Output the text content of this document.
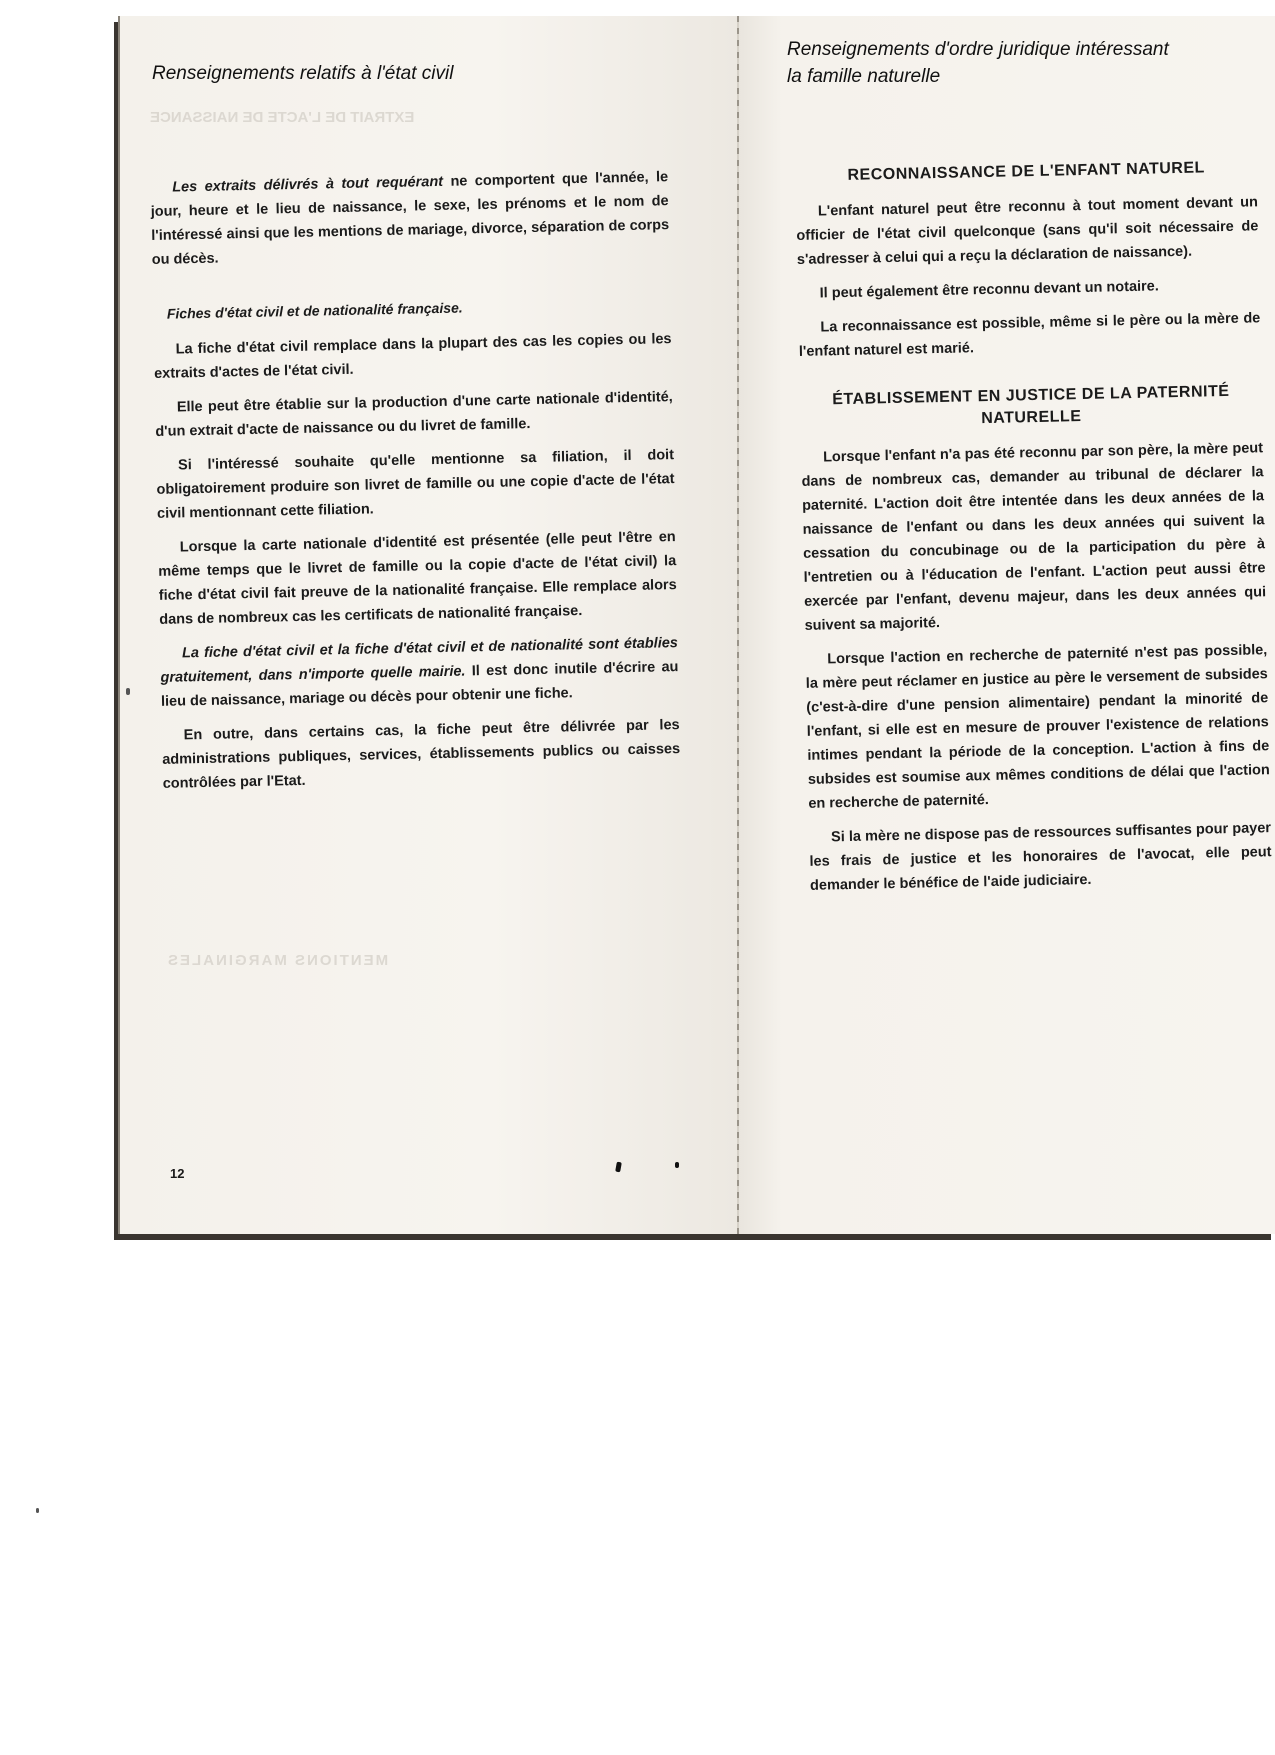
EXTRAIT DE L'ACTE DE NAISSANCE
MENTIONS MARGINALES
Renseignements relatifs à l'état civil

Les extraits délivrés à tout requérant ne comportent que l'année, le jour, heure et le lieu de naissance, le sexe, les prénoms et le nom de l'intéressé ainsi que les mentions de mariage, divorce, séparation de corps ou décès.

Fiches d'état civil et de nationalité française.

La fiche d'état civil remplace dans la plupart des cas les copies ou les extraits d'actes de l'état civil.

Elle peut être établie sur la production d'une carte nationale d'identité, d'un extrait d'acte de naissance ou du livret de famille.

Si l'intéressé souhaite qu'elle mentionne sa filiation, il doit obligatoirement produire son livret de famille ou une copie d'acte de l'état civil mentionnant cette filiation.

Lorsque la carte nationale d'identité est présentée (elle peut l'être en même temps que le livret de famille ou la copie d'acte de l'état civil) la fiche d'état civil fait preuve de la nationalité française. Elle remplace alors dans de nombreux cas les certificats de nationalité française.

La fiche d'état civil et la fiche d'état civil et de nationalité sont établies gratuitement, dans n'importe quelle mairie. Il est donc inutile d'écrire au lieu de naissance, mariage ou décès pour obtenir une fiche.

En outre, dans certains cas, la fiche peut être délivrée par les administrations publiques, services, établissements publics ou caisses contrôlées par l'Etat.

12
Renseignements d'ordre juridique intéressant
la famille naturelle
RECONNAISSANCE DE L'ENFANT NATUREL

L'enfant naturel peut être reconnu à tout moment devant un officier de l'état civil quelconque (sans qu'il soit nécessaire de s'adresser à celui qui a reçu la déclaration de naissance).

Il peut également être reconnu devant un notaire.

La reconnaissance est possible, même si le père ou la mère de l'enfant naturel est marié.

ÉTABLISSEMENT EN JUSTICE DE LA PATERNITÉ NATURELLE

Lorsque l'enfant n'a pas été reconnu par son père, la mère peut dans de nombreux cas, demander au tribunal de déclarer la paternité. L'action doit être intentée dans les deux années de la naissance de l'enfant ou dans les deux années qui suivent la cessation du concubinage ou de la participation du père à l'entretien ou à l'éducation de l'enfant. L'action peut aussi être exercée par l'enfant, devenu majeur, dans les deux années qui suivent sa majorité.

Lorsque l'action en recherche de paternité n'est pas possible, la mère peut réclamer en justice au père le versement de subsides (c'est-à-dire d'une pension alimentaire) pendant la minorité de l'enfant, si elle est en mesure de prouver l'existence de relations intimes pendant la période de la conception. L'action à fins de subsides est soumise aux mêmes conditions de délai que l'action en recherche de paternité.

Si la mère ne dispose pas de ressources suffisantes pour payer les frais de justice et les honoraires de l'avocat, elle peut demander le bénéfice de l'aide judiciaire.
